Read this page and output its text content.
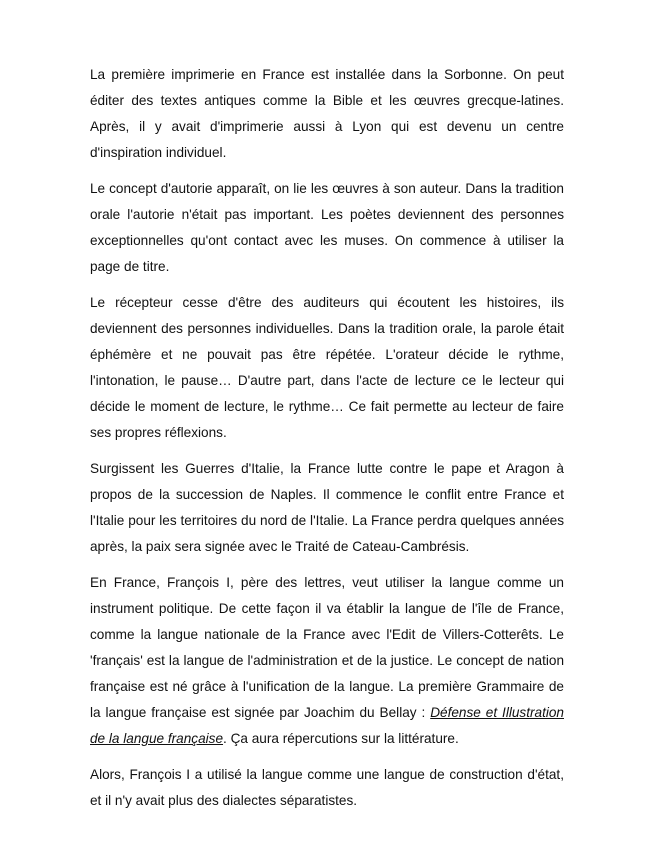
La première imprimerie en France est installée dans la Sorbonne. On peut éditer des textes antiques comme la Bible et les œuvres grecque-latines. Après, il y avait d'imprimerie aussi à Lyon qui est devenu un centre d'inspiration individuel.

Le concept d'autorie apparaît, on lie les œuvres à son auteur. Dans la tradition orale l'autorie n'était pas important. Les poètes deviennent des personnes exceptionnelles qu'ont contact avec les muses. On commence à utiliser la page de titre.

Le récepteur cesse d'être des auditeurs qui écoutent les histoires, ils deviennent des personnes individuelles. Dans la tradition orale, la parole était éphémère et ne pouvait pas être répétée. L'orateur décide le rythme, l'intonation, le pause… D'autre part, dans l'acte de lecture ce le lecteur qui décide le moment de lecture, le rythme… Ce fait permette au lecteur de faire ses propres réflexions.

Surgissent les Guerres d'Italie, la France lutte contre le pape et Aragon à propos de la succession de Naples. Il commence le conflit entre France et l'Italie pour les territoires du nord de l'Italie. La France perdra quelques années après, la paix sera signée avec le Traité de Cateau-Cambrésis.

En France, François I, père des lettres, veut utiliser la langue comme un instrument politique. De cette façon il va établir la langue de l'île de France, comme la langue nationale de la France avec l'Edit de Villers-Cotterêts. Le 'français' est la langue de l'administration et de la justice. Le concept de nation française est né grâce à l'unification de la langue. La première Grammaire de la langue française est signée par Joachim du Bellay : Défense et Illustration de la langue française. Ça aura répercutions sur la littérature.

Alors, François I a utilisé la langue comme une langue de construction d'état, et il n'y avait plus des dialectes séparatistes.
